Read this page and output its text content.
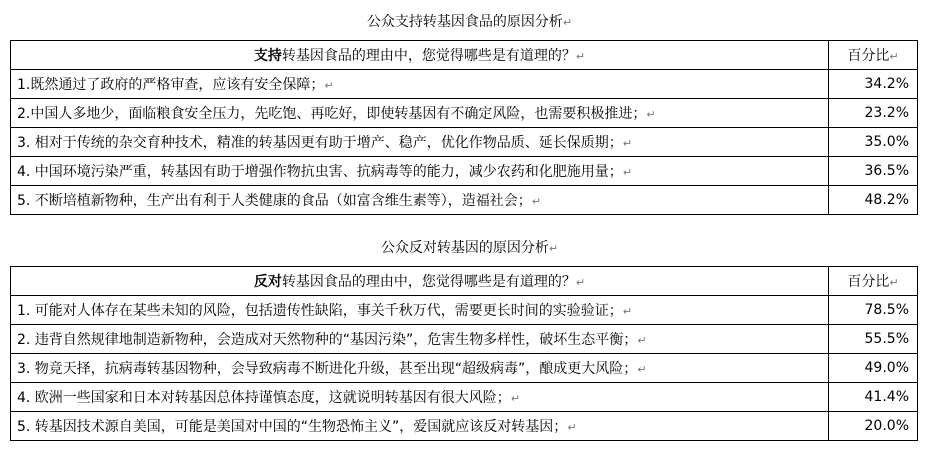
公众支持转基因食品的原因分析↵
支持转基因食品的理由中，您觉得哪些是有道理的？↵	百分比↵
1.既然通过了政府的严格审查，应该有安全保障；↵	34.2%
2.中国人多地少，面临粮食安全压力，先吃饱、再吃好，即使转基因有不确定风险，也需要积极推进；↵	23.2%
3. 相对于传统的杂交育种技术，精准的转基因更有助于增产、稳产，优化作物品质、延长保质期；↵	35.0%
4. 中国环境污染严重，转基因有助于增强作物抗虫害、抗病毒等的能力，减少农药和化肥施用量；↵	36.5%
5. 不断培植新物种，生产出有利于人类健康的食品（如富含维生素等），造福社会；↵	48.2%
公众反对转基因的原因分析↵
反对转基因食品的理由中，您觉得哪些是有道理的？↵	百分比↵
1. 可能对人体存在某些未知的风险，包括遗传性缺陷，事关千秋万代，需要更长时间的实验验证；↵	78.5%
2. 违背自然规律地制造新物种，会造成对天然物种的“基因污染”，危害生物多样性，破坏生态平衡；↵	55.5%
3. 物竞天择，抗病毒转基因物种，会导致病毒不断进化升级，甚至出现“超级病毒”，酿成更大风险；↵	49.0%
4. 欧洲一些国家和日本对转基因总体持谨慎态度，这就说明转基因有很大风险；↵	41.4%
5. 转基因技术源自美国，可能是美国对中国的“生物恐怖主义”，爱国就应该反对转基因；↵	20.0%
